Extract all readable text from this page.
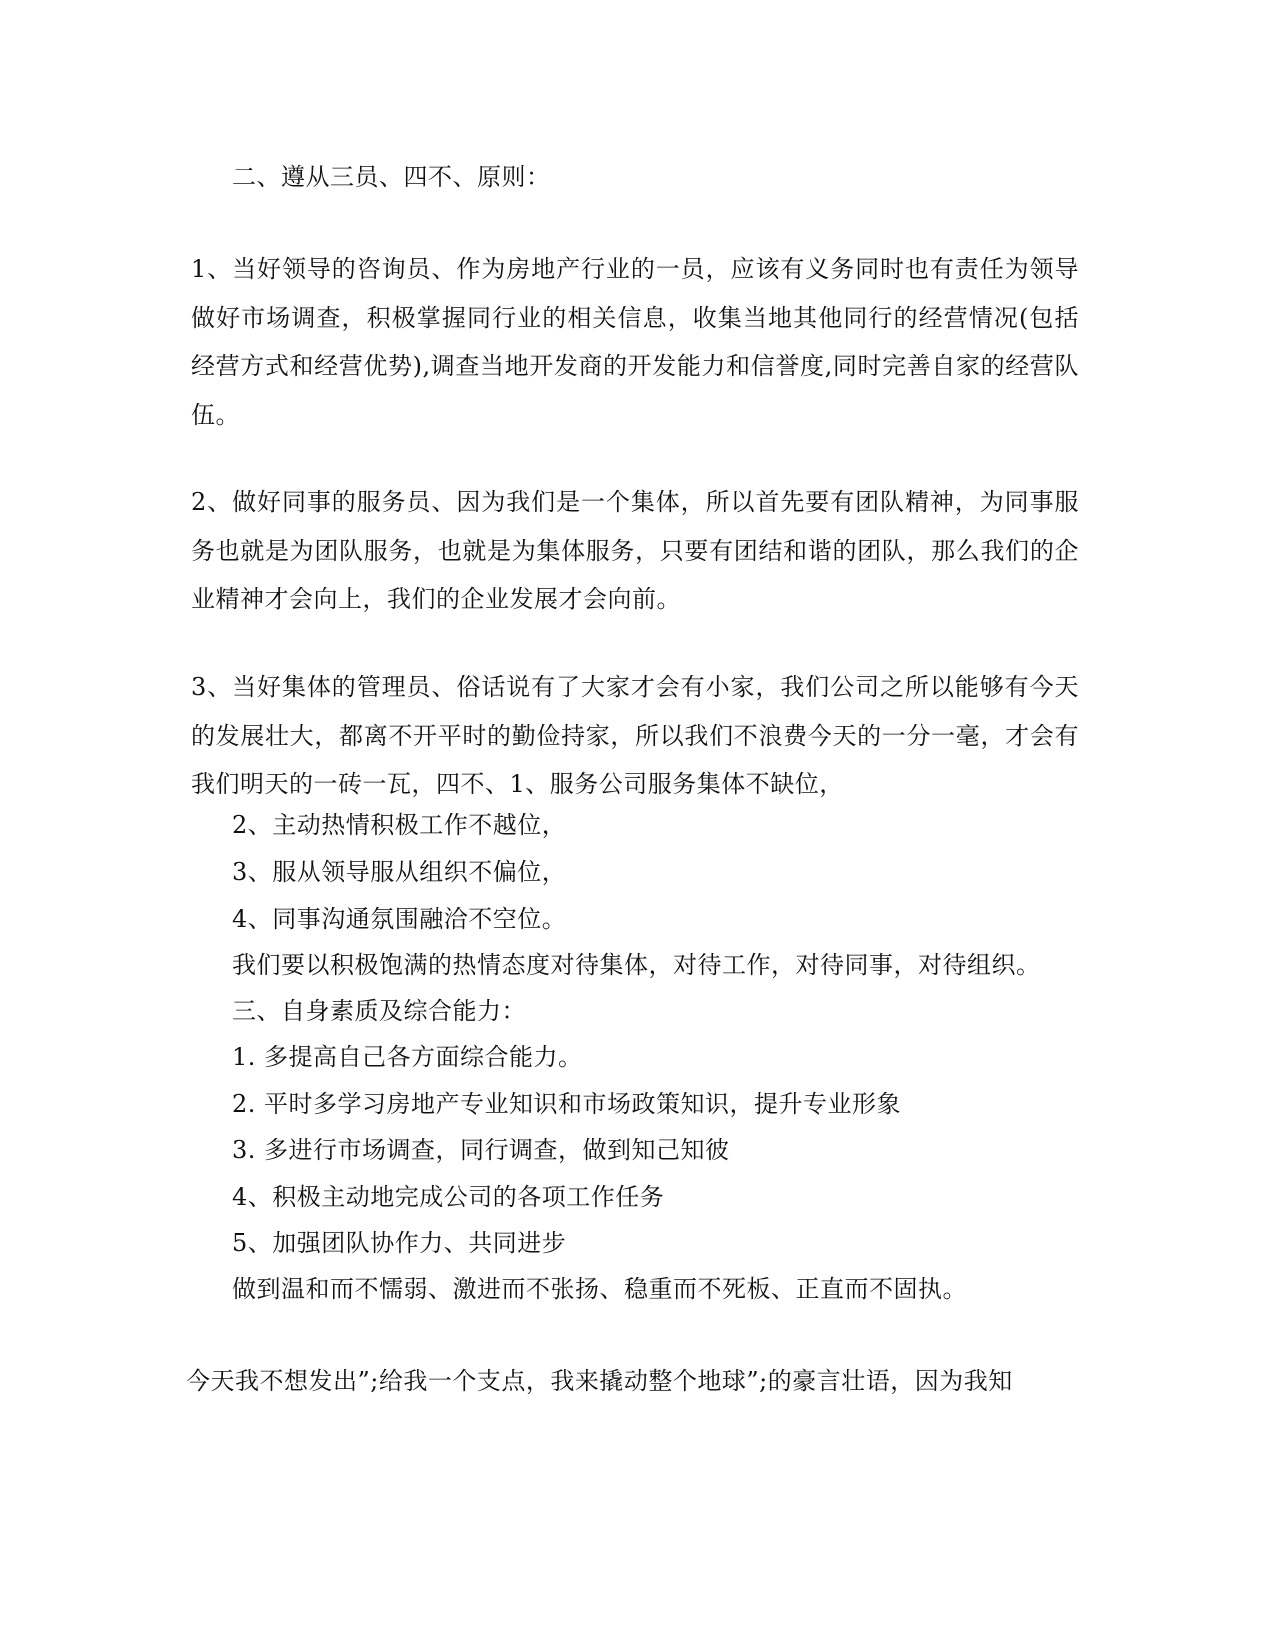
二、遵从三员、四不、原则：
1、当好领导的咨询员、作为房地产行业的一员，应该有义务同时也有责任为领导做好市场调查，积极掌握同行业的相关信息，收集当地其他同行的经营情况(包括经营方式和经营优势),调查当地开发商的开发能力和信誉度,同时完善自家的经营队伍。
2、做好同事的服务员、因为我们是一个集体，所以首先要有团队精神，为同事服务也就是为团队服务，也就是为集体服务，只要有团结和谐的团队，那么我们的企业精神才会向上，我们的企业发展才会向前。
3、当好集体的管理员、俗话说有了大家才会有小家，我们公司之所以能够有今天的发展壮大，都离不开平时的勤俭持家，所以我们不浪费今天的一分一毫，才会有我们明天的一砖一瓦，四不、1、服务公司服务集体不缺位，
2、主动热情积极工作不越位，
3、服从领导服从组织不偏位，
4、同事沟通氛围融洽不空位。
我们要以积极饱满的热情态度对待集体，对待工作，对待同事，对待组织。
三、自身素质及综合能力：
1. 多提高自己各方面综合能力。
2. 平时多学习房地产专业知识和市场政策知识，提升专业形象
3. 多进行市场调查，同行调查，做到知己知彼
4、积极主动地完成公司的各项工作任务
5、加强团队协作力、共同进步
做到温和而不懦弱、激进而不张扬、稳重而不死板、正直而不固执。
今天我不想发出”;给我一个支点，我来撬动整个地球”;的豪言壮语，因为我知
